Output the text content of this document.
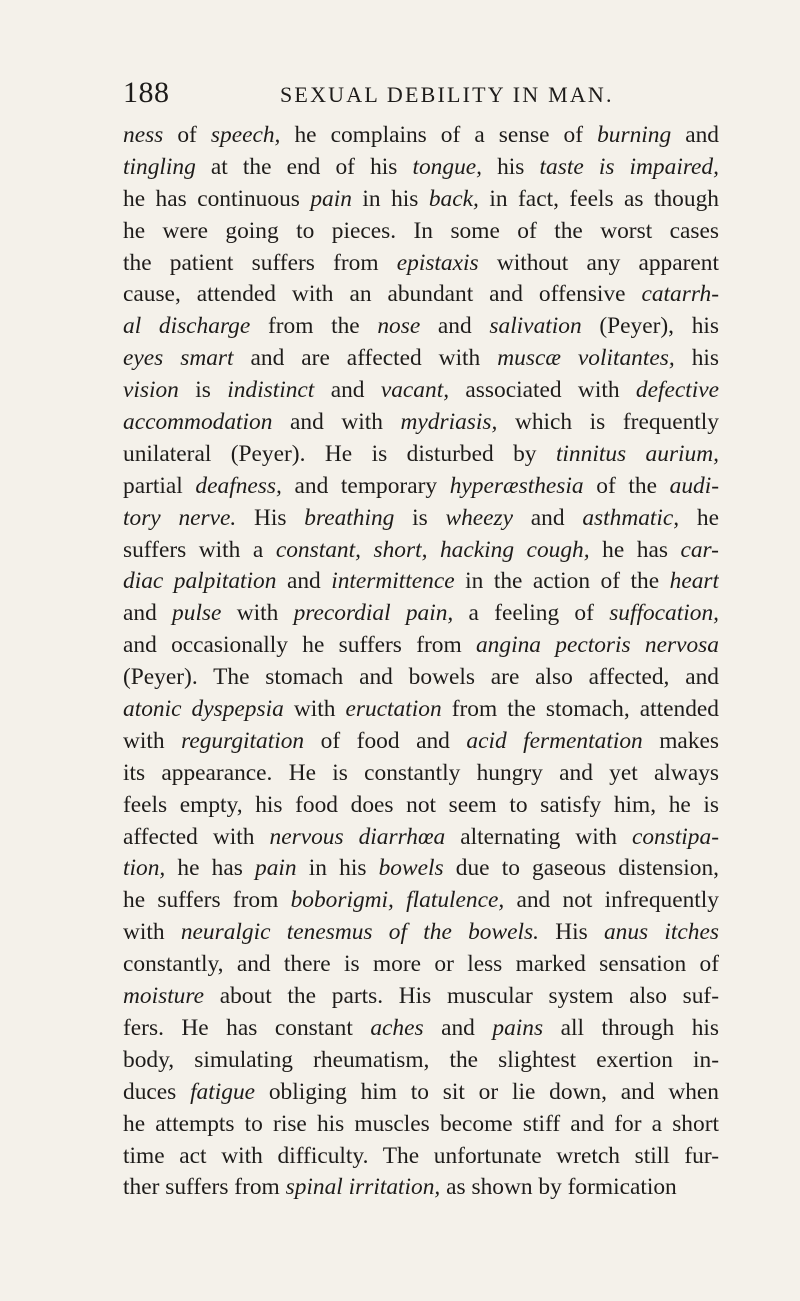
188	SEXUAL DEBILITY IN MAN.
ness of speech, he complains of a sense of burning and
tingling at the end of his tongue, his taste is impaired,
he has continuous pain in his back, in fact, feels as though
he were going to pieces. In some of the worst cases
the patient suffers from epistaxis without any apparent
cause, attended with an abundant and offensive catarrh-
al discharge from the nose and salivation (Peyer), his
eyes smart and are affected with muscæ volitantes, his
vision is indistinct and vacant, associated with defective
accommodation and with mydriasis, which is frequently
unilateral (Peyer). He is disturbed by tinnitus aurium,
partial deafness, and temporary hyperæsthesia of the audi-
tory nerve. His breathing is wheezy and asthmatic, he
suffers with a constant, short, hacking cough, he has car-
diac palpitation and intermittence in the action of the heart
and pulse with precordial pain, a feeling of suffocation,
and occasionally he suffers from angina pectoris nervosa
(Peyer). The stomach and bowels are also affected, and
atonic dyspepsia with eructation from the stomach, attended
with regurgitation of food and acid fermentation makes
its appearance. He is constantly hungry and yet always
feels empty, his food does not seem to satisfy him, he is
affected with nervous diarrhœa alternating with constipa-
tion, he has pain in his bowels due to gaseous distension,
he suffers from boborigmi, flatulence, and not infrequently
with neuralgic tenesmus of the bowels. His anus itches
constantly, and there is more or less marked sensation of
moisture about the parts. His muscular system also suf-
fers. He has constant aches and pains all through his
body, simulating rheumatism, the slightest exertion in-
duces fatigue obliging him to sit or lie down, and when
he attempts to rise his muscles become stiff and for a short
time act with difficulty. The unfortunate wretch still fur-
ther suffers from spinal irritation, as shown by formication
